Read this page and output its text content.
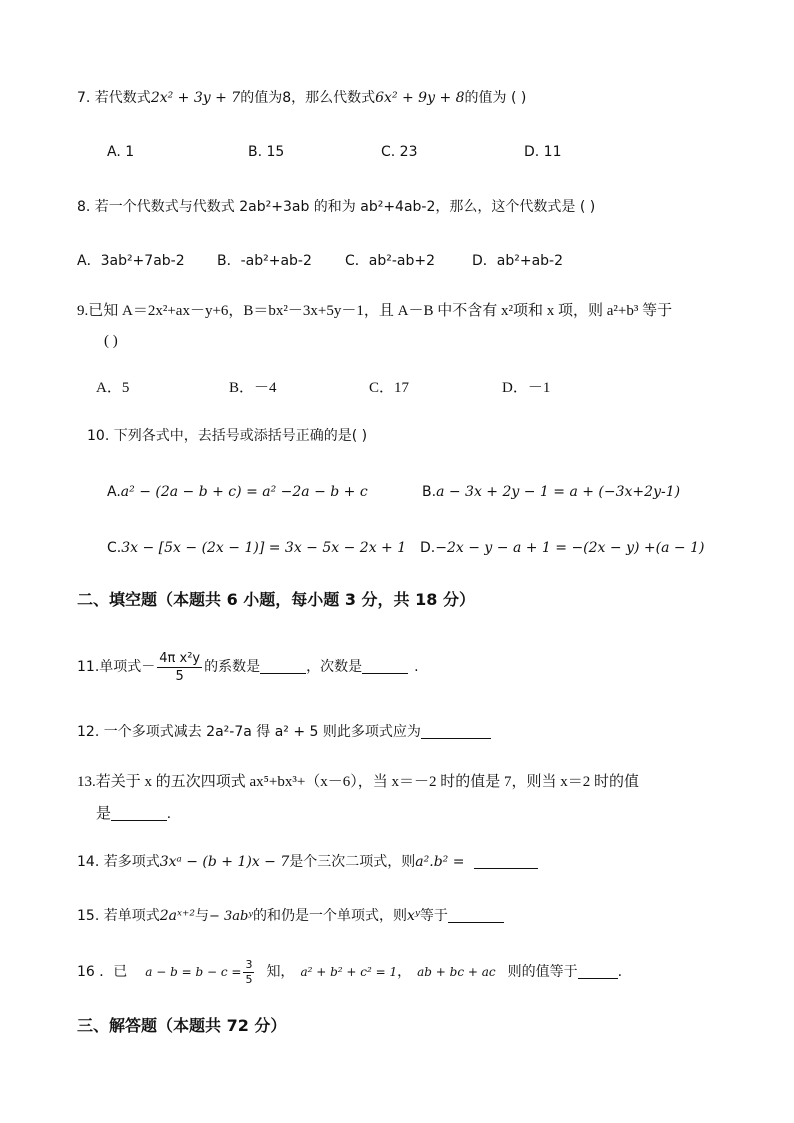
7. 若代数式2x² + 3y + 7的值为8，那么代数式6x² + 9y + 8的值为 ( )
A. 1	B. 15	C. 23	D. 11
8. 若一个代数式与代数式 2ab²+3ab 的和为 ab²+4ab-2，那么，这个代数式是 ( )
A．3ab²+7ab-2 B．-ab²+ab-2 C．ab²-ab+2	D．ab²+ab-2
9.已知 A＝2x²+ax－y+6，B＝bx²－3x+5y－1，且 A－B 中不含有 x²项和 x 项，则 a²+b³ 等于
( )
A．5	B．－4	C．17	D．－1
10. 下列各式中，去括号或添括号正确的是( )
A.a² − (2a − b + c) = a² −2a − b + c	B.a − 3x + 2y − 1 = a + (−3x+2y-1)
C.3x − [5x − (2x − 1)] = 3x − 5x − 2x + 1 D.−2x − y − a + 1 = −(2x − y) +(a − 1)
二、填空题（本题共 6 小题，每小题 3 分，共 18 分）
11.单项式－ $\frac{\text{4π x²y}}{5}$ 的系数是	，次数是	.
12. 一个多项式减去 2a²-7a 得 a² + 5 则此多项式应为
13.若关于 x 的五次四项式 ax⁵+bx³+（x－6），当 x＝－2 时的值是 7，则当 x＝2 时的值
是	.
14. 若多项式3xᵃ − (b + 1)x − 7是个三次二项式，则a².b² =
15. 若单项式2aˣ⁺²与− 3abʸ的和仍是一个单项式，则xʸ等于
16 ．已 $a - b = b - c = \frac{3}{5}$ 知， a² + b² + c² = 1， ab + bc + ac 则的值等于	.
三、解答题（本题共 72 分）
